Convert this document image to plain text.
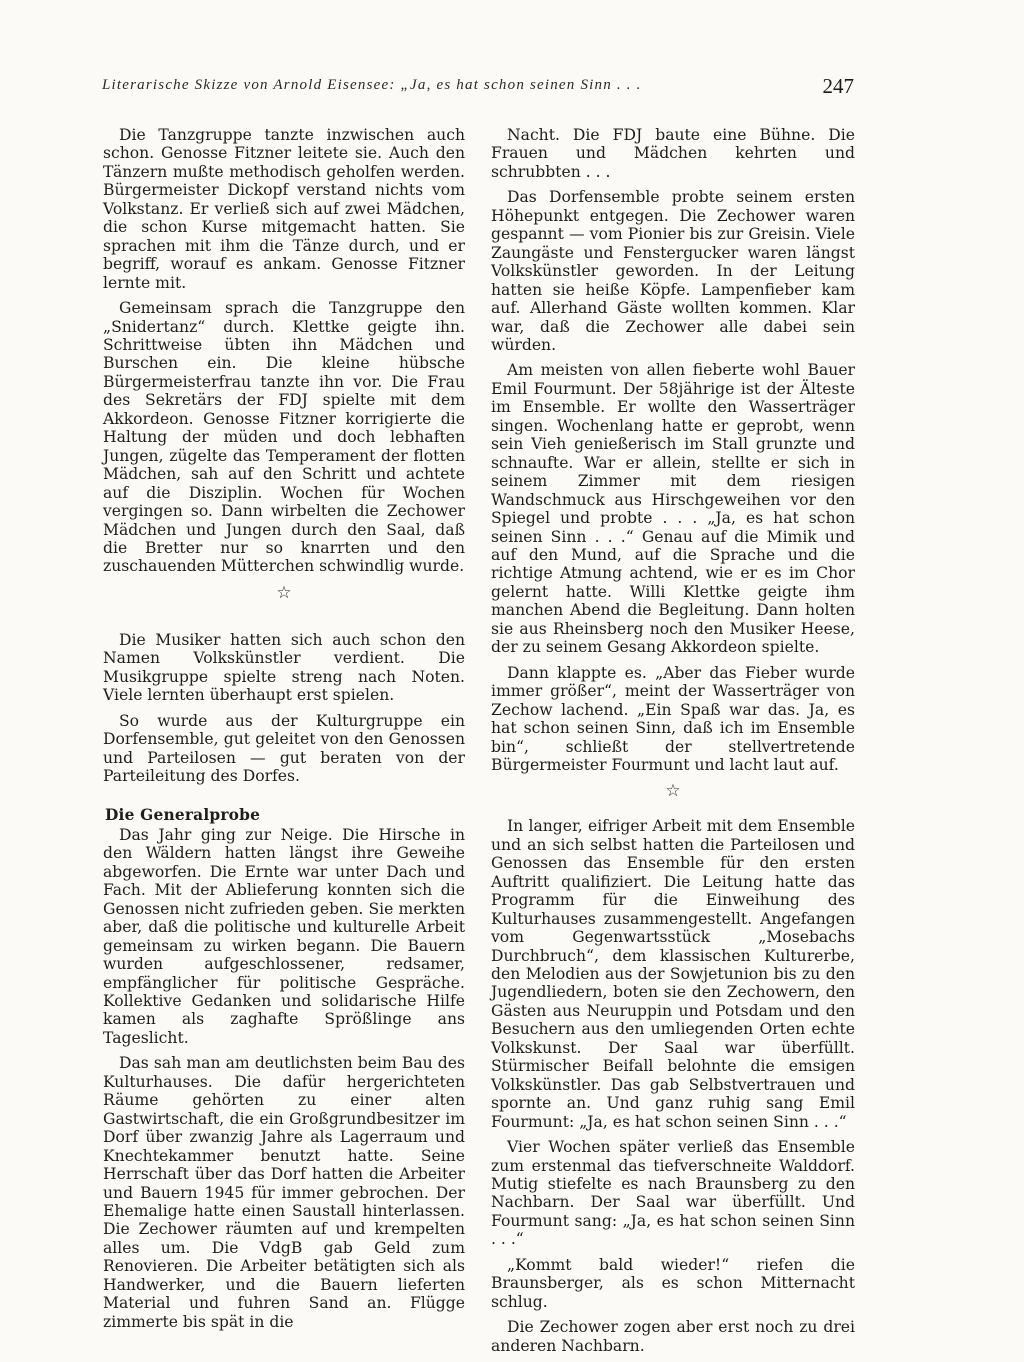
Literarische Skizze von Arnold Eisensee: „Ja, es hat schon seinen Sinn . . .	247

Die Tanzgruppe tanzte inzwischen auch schon. Genosse Fitzner leitete sie. Auch den Tänzern mußte methodisch geholfen werden. Bürgermeister Dickopf verstand nichts vom Volkstanz. Er verließ sich auf zwei Mädchen, die schon Kurse mitgemacht hatten. Sie sprachen mit ihm die Tänze durch, und er begriff, worauf es ankam. Genosse Fitzner lernte mit.

Gemeinsam sprach die Tanzgruppe den „Snidertanz“ durch. Klettke geigte ihn. Schrittweise übten ihn Mädchen und Burschen ein. Die kleine hübsche Bürgermeisterfrau tanzte ihn vor. Die Frau des Sekretärs der FDJ spielte mit dem Akkordeon. Genosse Fitzner korrigierte die Haltung der müden und doch lebhaften Jungen, zügelte das Temperament der flotten Mädchen, sah auf den Schritt und achtete auf die Disziplin. Wochen für Wochen vergingen so. Dann wirbelten die Zechower Mädchen und Jungen durch den Saal, daß die Bretter nur so knarrten und den zuschauenden Mütterchen schwindlig wurde.

☆

Die Musiker hatten sich auch schon den Namen Volkskünstler verdient. Die Musikgruppe spielte streng nach Noten. Viele lernten überhaupt erst spielen.

So wurde aus der Kulturgruppe ein Dorfensemble, gut geleitet von den Genossen und Parteilosen — gut beraten von der Parteileitung des Dorfes.

Die Generalprobe

Das Jahr ging zur Neige. Die Hirsche in den Wäldern hatten längst ihre Geweihe abgeworfen. Die Ernte war unter Dach und Fach. Mit der Ablieferung konnten sich die Genossen nicht zufrieden geben. Sie merkten aber, daß die politische und kulturelle Arbeit gemeinsam zu wirken begann. Die Bauern wurden aufgeschlossener, redsamer, empfänglicher für politische Gespräche. Kollektive Gedanken und solidarische Hilfe kamen als zaghafte Sprößlinge ans Tageslicht.

Das sah man am deutlichsten beim Bau des Kulturhauses. Die dafür hergerichteten Räume gehörten zu einer alten Gastwirtschaft, die ein Großgrundbesitzer im Dorf über zwanzig Jahre als Lagerraum und Knechtekammer benutzt hatte. Seine Herrschaft über das Dorf hatten die Arbeiter und Bauern 1945 für immer gebrochen. Der Ehemalige hatte einen Saustall hinterlassen. Die Zechower räumten auf und krempelten alles um. Die VdgB gab Geld zum Renovieren. Die Arbeiter betätigten sich als Handwerker, und die Bauern lieferten Material und fuhren Sand an. Flügge zimmerte bis spät in die

Nacht. Die FDJ baute eine Bühne. Die Frauen und Mädchen kehrten und schrubbten . . .

Das Dorfensemble probte seinem ersten Höhepunkt entgegen. Die Zechower waren gespannt — vom Pionier bis zur Greisin. Viele Zaungäste und Fenstergucker waren längst Volkskünstler geworden. In der Leitung hatten sie heiße Köpfe. Lampenfieber kam auf. Allerhand Gäste wollten kommen. Klar war, daß die Zechower alle dabei sein würden.

Am meisten von allen fieberte wohl Bauer Emil Fourmunt. Der 58jährige ist der Älteste im Ensemble. Er wollte den Wasserträger singen. Wochenlang hatte er geprobt, wenn sein Vieh genießerisch im Stall grunzte und schnaufte. War er allein, stellte er sich in seinem Zimmer mit dem riesigen Wandschmuck aus Hirschgeweihen vor den Spiegel und probte . . . „Ja, es hat schon seinen Sinn . . .“ Genau auf die Mimik und auf den Mund, auf die Sprache und die richtige Atmung achtend, wie er es im Chor gelernt hatte. Willi Klettke geigte ihm manchen Abend die Begleitung. Dann holten sie aus Rheinsberg noch den Musiker Heese, der zu seinem Gesang Akkordeon spielte.

Dann klappte es. „Aber das Fieber wurde immer größer“, meint der Wasserträger von Zechow lachend. „Ein Spaß war das. Ja, es hat schon seinen Sinn, daß ich im Ensemble bin“, schließt der stellvertretende Bürgermeister Fourmunt und lacht laut auf.

☆

In langer, eifriger Arbeit mit dem Ensemble und an sich selbst hatten die Parteilosen und Genossen das Ensemble für den ersten Auftritt qualifiziert. Die Leitung hatte das Programm für die Einweihung des Kulturhauses zusammengestellt. Angefangen vom Gegenwartsstück „Mosebachs Durchbruch“, dem klassischen Kulturerbe, den Melodien aus der Sowjetunion bis zu den Jugendliedern, boten sie den Zechowern, den Gästen aus Neuruppin und Potsdam und den Besuchern aus den umliegenden Orten echte Volkskunst. Der Saal war überfüllt. Stürmischer Beifall belohnte die emsigen Volkskünstler. Das gab Selbstvertrauen und spornte an. Und ganz ruhig sang Emil Fourmunt: „Ja, es hat schon seinen Sinn . . .“

Vier Wochen später verließ das Ensemble zum erstenmal das tiefverschneite Walddorf. Mutig stiefelte es nach Braunsberg zu den Nachbarn. Der Saal war überfüllt. Und Fourmunt sang: „Ja, es hat schon seinen Sinn . . .“

„Kommt bald wieder!“ riefen die Braunsberger, als es schon Mitternacht schlug.

Die Zechower zogen aber erst noch zu drei anderen Nachbarn.
